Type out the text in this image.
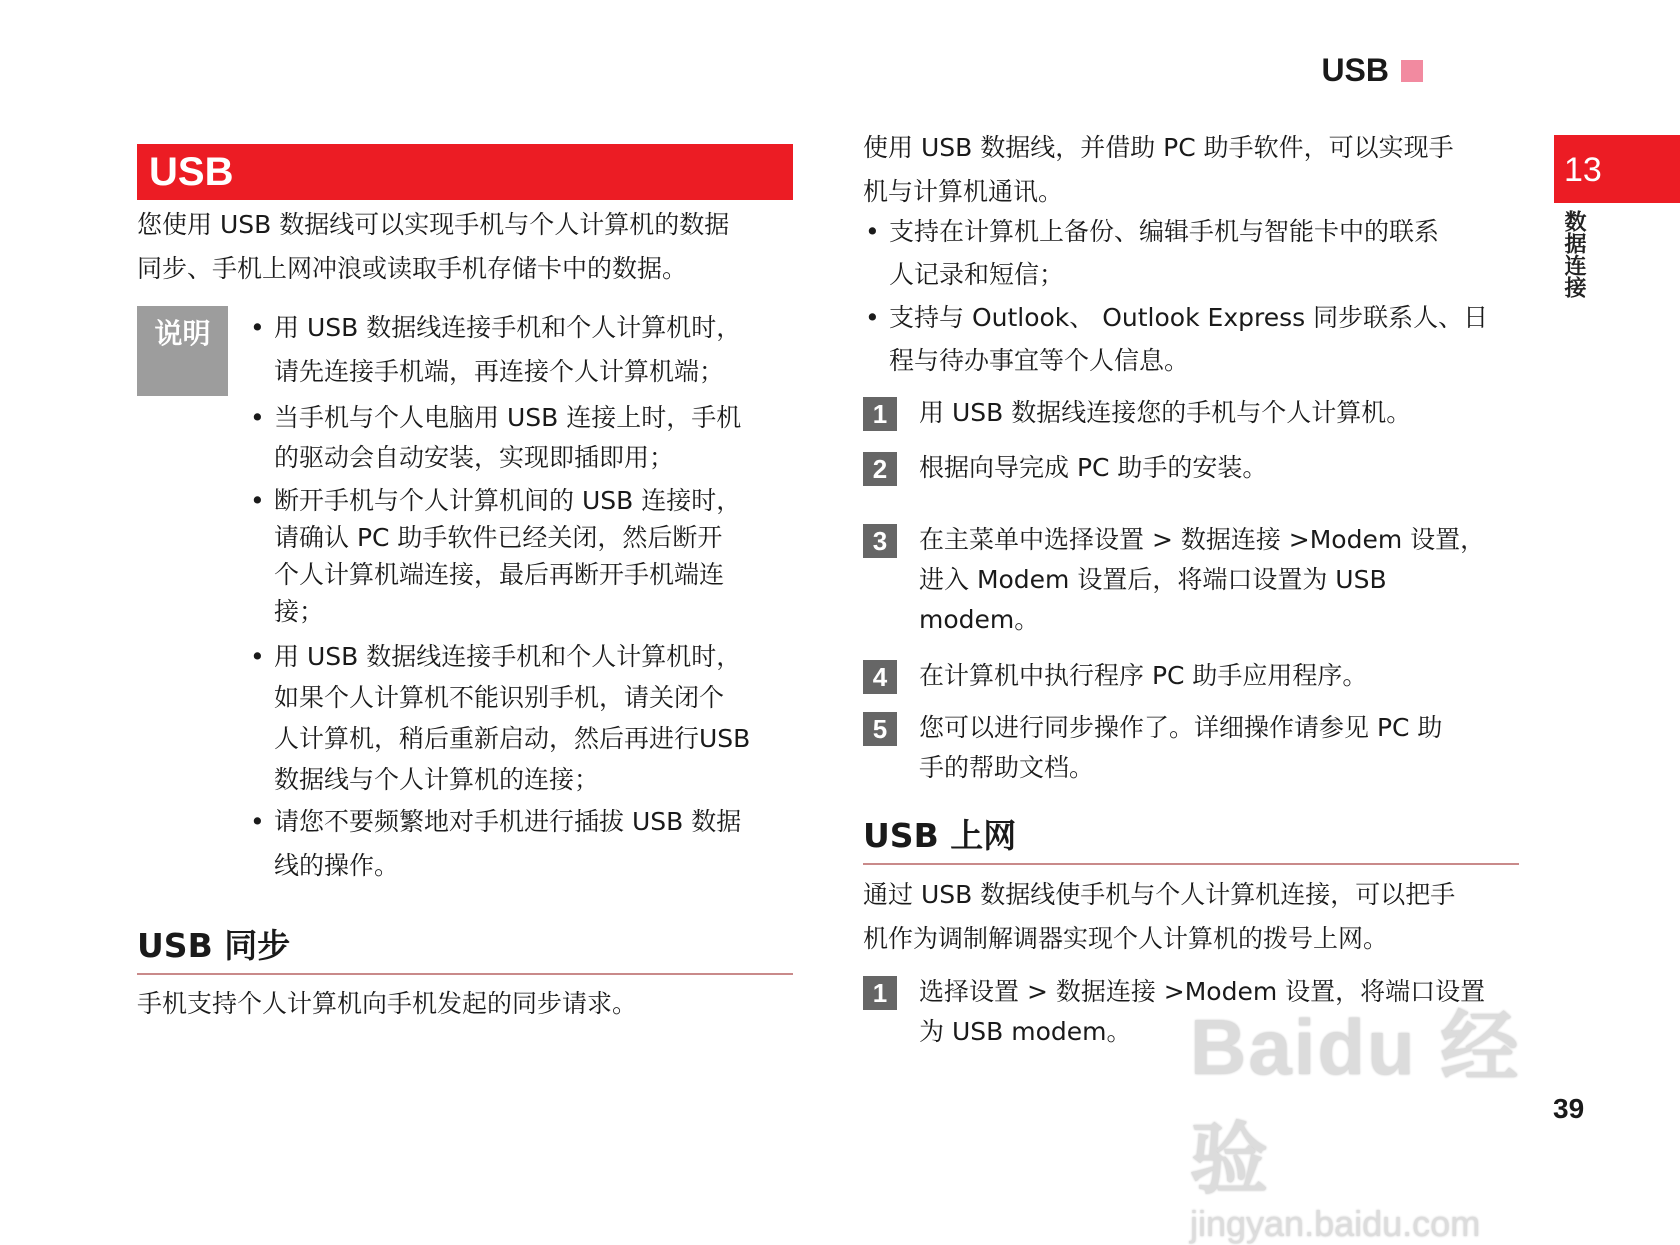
USB
13
数据连接
USB
您使用 USB 数据线可以实现手机与个人计算机的数据
同步、手机上网冲浪或读取手机存储卡中的数据。
说明
•	用 USB 数据线连接手机和个人计算机时，
请先连接手机端，再连接个人计算机端；
• 当手机与个人电脑用 USB 连接上时，手机
的驱动会自动安装，实现即插即用；
• 断开手机与个人计算机间的 USB 连接时，
请确认 PC 助手软件已经关闭，然后断开
个人计算机端连接，最后再断开手机端连
接；
• 用 USB 数据线连接手机和个人计算机时，
如果个人计算机不能识别手机，请关闭个
人计算机，稍后重新启动，然后再进行USB
数据线与个人计算机的连接；
• 请您不要频繁地对手机进行插拔 USB 数据
线的操作。
USB 同步
手机支持个人计算机向手机发起的同步请求。
使用 USB 数据线，并借助 PC 助手软件，可以实现手
机与计算机通讯。
• 支持在计算机上备份、编辑手机与智能卡中的联系
人记录和短信；
• 支持与 Outlook、 Outlook Express 同步联系人、日
程与待办事宜等个人信息。
1	用 USB 数据线连接您的手机与个人计算机。
2	根据向导完成 PC 助手的安装。
3	在主菜单中选择设置 > 数据连接 >Modem 设置，
进入 Modem 设置后，将端口设置为 USB
modem。
4	在计算机中执行程序 PC 助手应用程序。
5	您可以进行同步操作了。详细操作请参见 PC 助
手的帮助文档。
USB 上网
通过 USB 数据线使手机与个人计算机连接，可以把手
机作为调制解调器实现个人计算机的拨号上网。
1	选择设置 > 数据连接 >Modem 设置，将端口设置
为 USB modem。 Baidu 经验
jingyan.baidu.com
39
